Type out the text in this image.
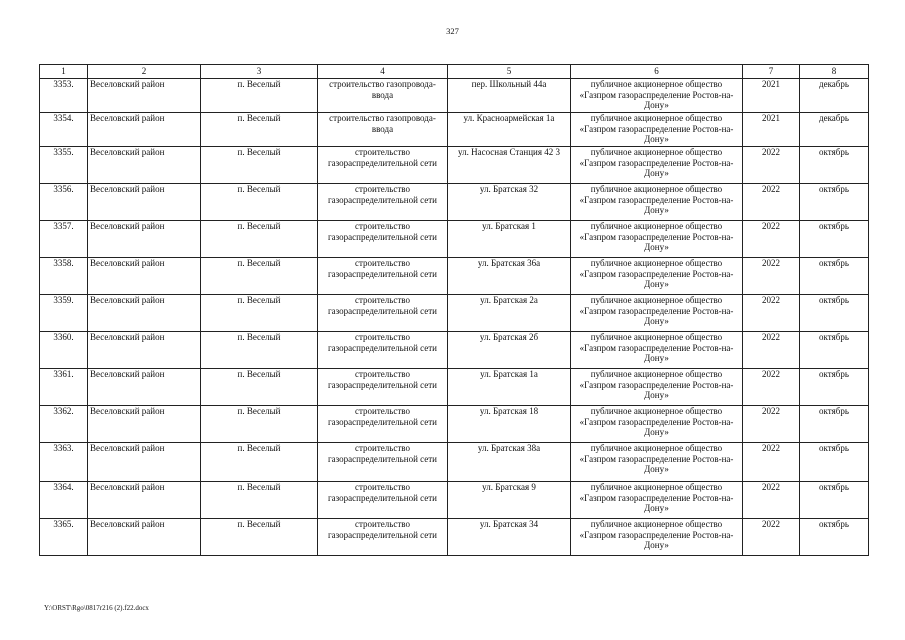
327
1	2	3	4	5	6	7	8
3353.	Веселовский район	п. Веселый	строительство газопровода-ввода	пер. Школьный 44а	публичное акционерное общество «Газпром газораспределение Ростов-на-Дону»	2021	декабрь
3354.	Веселовский район	п. Веселый	строительство газопровода-ввода	ул. Красноармейская 1а	публичное акционерное общество «Газпром газораспределение Ростов-на-Дону»	2021	декабрь
3355.	Веселовский район	п. Веселый	строительство газораспределительной сети	ул. Насосная Станция 42 3	публичное акционерное общество «Газпром газораспределение Ростов-на-Дону»	2022	октябрь
3356.	Веселовский район	п. Веселый	строительство газораспределительной сети	ул. Братская 32	публичное акционерное общество «Газпром газораспределение Ростов-на-Дону»	2022	октябрь
3357.	Веселовский район	п. Веселый	строительство газораспределительной сети	ул. Братская 1	публичное акционерное общество «Газпром газораспределение Ростов-на-Дону»	2022	октябрь
3358.	Веселовский район	п. Веселый	строительство газораспределительной сети	ул. Братская 36а	публичное акционерное общество «Газпром газораспределение Ростов-на-Дону»	2022	октябрь
3359.	Веселовский район	п. Веселый	строительство газораспределительной сети	ул. Братская 2а	публичное акционерное общество «Газпром газораспределение Ростов-на-Дону»	2022	октябрь
3360.	Веселовский район	п. Веселый	строительство газораспределительной сети	ул. Братская 2б	публичное акционерное общество «Газпром газораспределение Ростов-на-Дону»	2022	октябрь
3361.	Веселовский район	п. Веселый	строительство газораспределительной сети	ул. Братская 1а	публичное акционерное общество «Газпром газораспределение Ростов-на-Дону»	2022	октябрь
3362.	Веселовский район	п. Веселый	строительство газораспределительной сети	ул. Братская 18	публичное акционерное общество «Газпром газораспределение Ростов-на-Дону»	2022	октябрь
3363.	Веселовский район	п. Веселый	строительство газораспределительной сети	ул. Братская 38а	публичное акционерное общество «Газпром газораспределение Ростов-на-Дону»	2022	октябрь
3364.	Веселовский район	п. Веселый	строительство газораспределительной сети	ул. Братская 9	публичное акционерное общество «Газпром газораспределение Ростов-на-Дону»	2022	октябрь
3365.	Веселовский район	п. Веселый	строительство газораспределительной сети	ул. Братская 34	публичное акционерное общество «Газпром газораспределение Ростов-на-Дону»	2022	октябрь
Y:\ORST\Rgo\0817r216 (2).f22.docx
